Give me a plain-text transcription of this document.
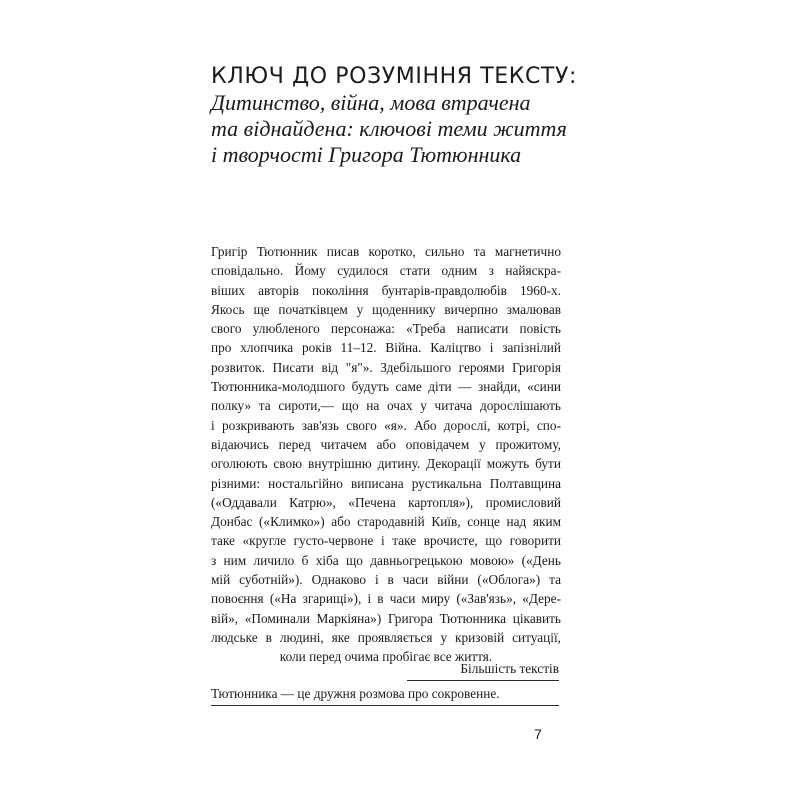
КЛЮЧ ДО РОЗУМІННЯ ТЕКСТУ:
Дитинство, війна, мова втрачена
та віднайдена: ключові теми життя
і творчості Григора Тютюнника
Григір Тютюнник писав коротко, сильно та магнетично
сповідально. Йому судилося стати одним з найяскра-
віших авторів покоління бунтарів-правдолюбів 1960-х.
Якось ще початківцем у щоденнику вичерпно змалював
свого улюбленого персонажа: «Треба написати повість
про хлопчика років 11–12. Війна. Каліцтво і запізнілий
розвиток. Писати від "я"». Здебільшого героями Григорія
Тютюнника-молодшого будуть саме діти — знайди, «сини
полку» та сироти,— що на очах у читача дорослішають
і розкривають зав'язь свого «я». Або дорослі, котрі, спо-
відаючись перед читачем або оповідачем у прожитому,
оголюють свою внутрішню дитину. Декорації можуть бути
різними: ностальгійно виписана рустикальна Полтавщина
(«Оддавали Катрю», «Печена картопля»), промисловий
Донбас («Климко») або стародавній Київ, сонце над яким
таке «кругле густо-червоне і таке врочисте, що говорити
з ним личило б хіба що давньогрецькою мовою» («День
мій суботній»). Однаково і в часи війни («Облога») та
повоєння («На згарищі»), і в часи миру («Зав'язь», «Дере-
вій», «Поминали Маркіяна») Григора Тютюнника цікавить
людське в людині, яке проявляється у кризовій ситуації,
коли перед очима пробігає все життя.
Більшість текстів
Тютюнника — це дружня розмова про сокровенне.
7
